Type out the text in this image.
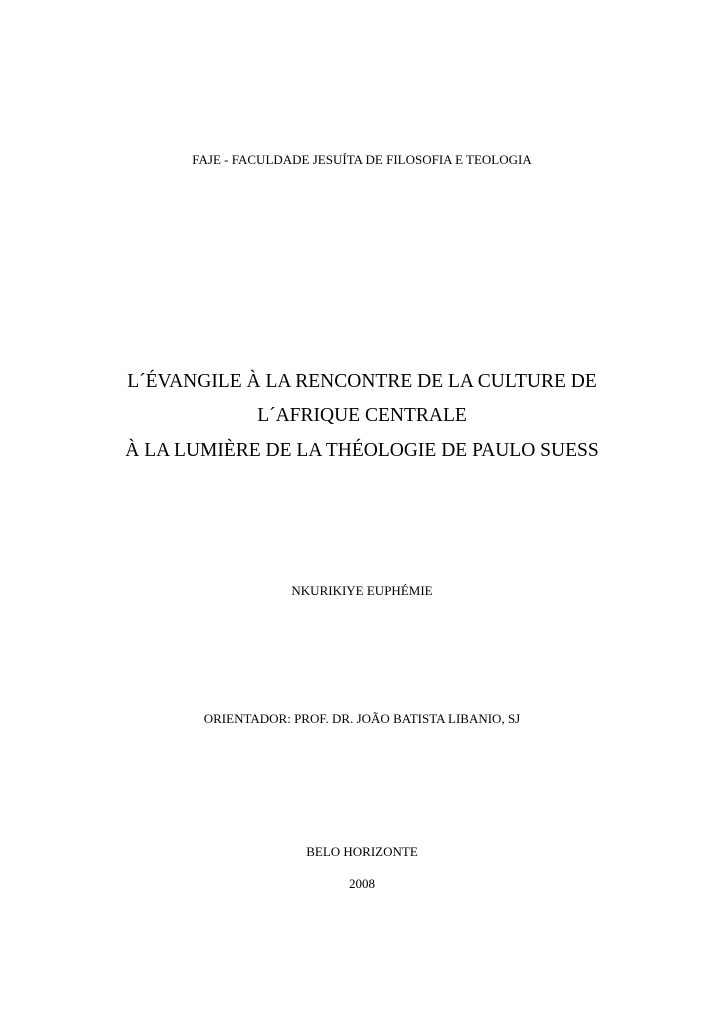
FAJE - FACULDADE JESUÍTA DE FILOSOFIA E TEOLOGIA
L´ÉVANGILE À LA RENCONTRE DE LA CULTURE DE
L´AFRIQUE CENTRALE
À LA LUMIÈRE DE LA THÉOLOGIE DE PAULO SUESS
NKURIKIYE EUPHÉMIE
ORIENTADOR: PROF. DR. JOÃO BATISTA LIBANIO, SJ
BELO HORIZONTE
2008
